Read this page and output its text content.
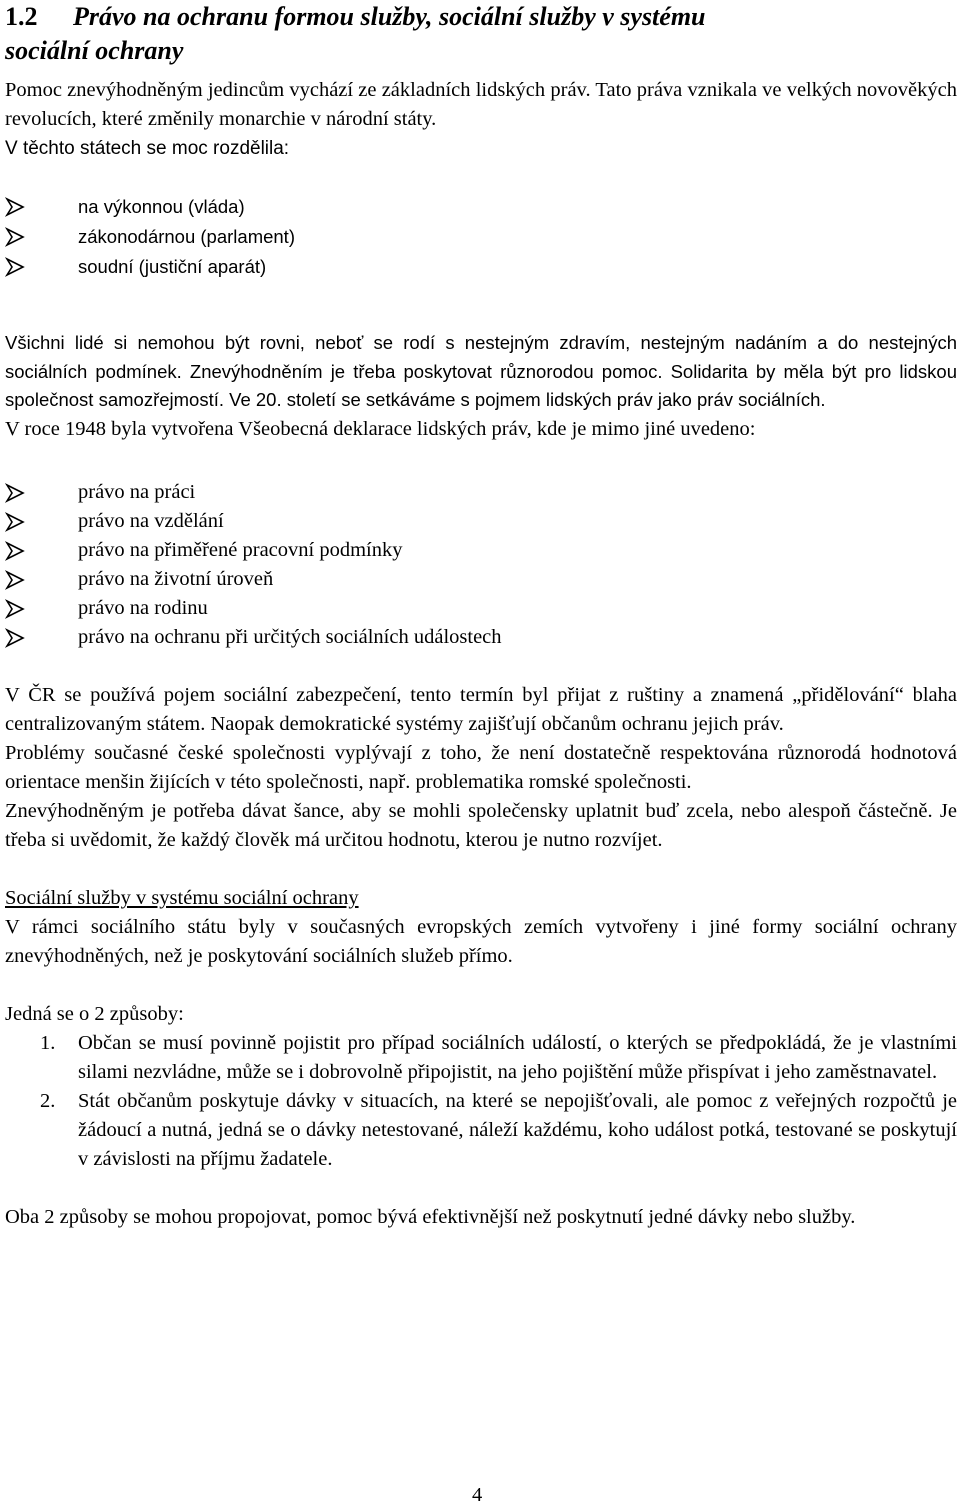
1.2 Právo na ochranu formou služby, sociální služby v systému
sociální ochrany

Pomoc znevýhodněným jedincům vychází ze základních lidských práv. Tato práva vznikala ve velkých novověkých revolucích, které změnily monarchie v národní státy.

V těchto státech se moc rozdělila:

na výkonnou (vláda)
zákonodárnou (parlament)
soudní (justiční aparát)

Všichni lidé si nemohou být rovni, neboť se rodí s nestejným zdravím, nestejným nadáním a do nestejných sociálních podmínek. Znevýhodněním je třeba poskytovat různorodou pomoc. Solidarita by měla být pro lidskou společnost samozřejmostí. Ve 20. století se setkáváme s pojmem lidských práv jako práv sociálních.

V roce 1948 byla vytvořena Všeobecná deklarace lidských práv, kde je mimo jiné uvedeno:

právo na práci
právo na vzdělání
právo na přiměřené pracovní podmínky
právo na životní úroveň
právo na rodinu
právo na ochranu při určitých sociálních událostech

V ČR se používá pojem sociální zabezpečení, tento termín byl přijat z ruštiny a znamená „přidělování“ blaha centralizovaným státem. Naopak demokratické systémy zajišťují občanům ochranu jejich práv.

Problémy současné české společnosti vyplývají z toho, že není dostatečně respektována různorodá hodnotová orientace menšin žijících v této společnosti, např. problematika romské společnosti.

Znevýhodněným je potřeba dávat šance, aby se mohli společensky uplatnit buď zcela, nebo alespoň částečně. Je třeba si uvědomit, že každý člověk má určitou hodnotu, kterou je nutno rozvíjet.

Sociální služby v systému sociální ochrany

V rámci sociálního státu byly v současných evropských zemích vytvořeny i jiné formy sociální ochrany znevýhodněných, než je poskytování sociálních služeb přímo.

Jedná se o 2 způsoby:

1. Občan se musí povinně pojistit pro případ sociálních událostí, o kterých se předpokládá, že je vlastními silami nezvládne, může se i dobrovolně připojistit, na jeho pojištění může přispívat i jeho zaměstnavatel.
2. Stát občanům poskytuje dávky v situacích, na které se nepojišťovali, ale pomoc z veřejných rozpočtů je žádoucí a nutná, jedná se o dávky netestované, náleží každému, koho událost potká, testované se poskytují v závislosti na příjmu žadatele.

Oba 2 způsoby se mohou propojovat, pomoc bývá efektivnější než poskytnutí jedné dávky nebo služby.

4
